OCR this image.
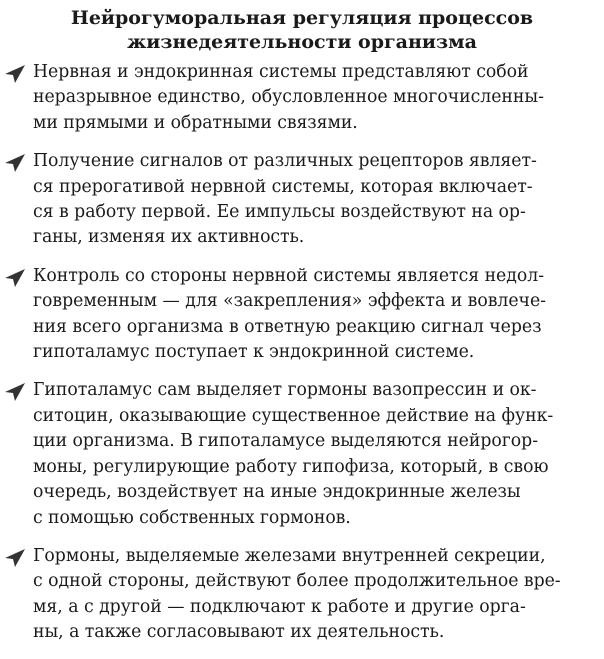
Нейрогуморальная регуляция процессов
жизнедеятельности организма
Нервная и эндокринная системы представляют собой
неразрывное единство, обусловленное многочисленны-
ми прямыми и обратными связями.
Получение сигналов от различных рецепторов являет-
ся прерогативой нервной системы, которая включает-
ся в работу первой. Ее импульсы воздействуют на ор-
ганы, изменяя их активность.
Контроль со стороны нервной системы является недол-
говременным — для «закрепления» эффекта и вовлече-
ния всего организма в ответную реакцию сигнал через
гипоталамус поступает к эндокринной системе.
Гипоталамус сам выделяет гормоны вазопрессин и ок-
ситоцин, оказывающие существенное действие на функ-
ции организма. В гипоталамусе выделяются нейрогор-
моны, регулирующие работу гипофиза, который, в свою
очередь, воздействует на иные эндокринные железы
с помощью собственных гормонов.
Гормоны, выделяемые железами внутренней секреции,
с одной стороны, действуют более продолжительное вре-
мя, а с другой — подключают к работе и другие орга-
ны, а также согласовывают их деятельность.
